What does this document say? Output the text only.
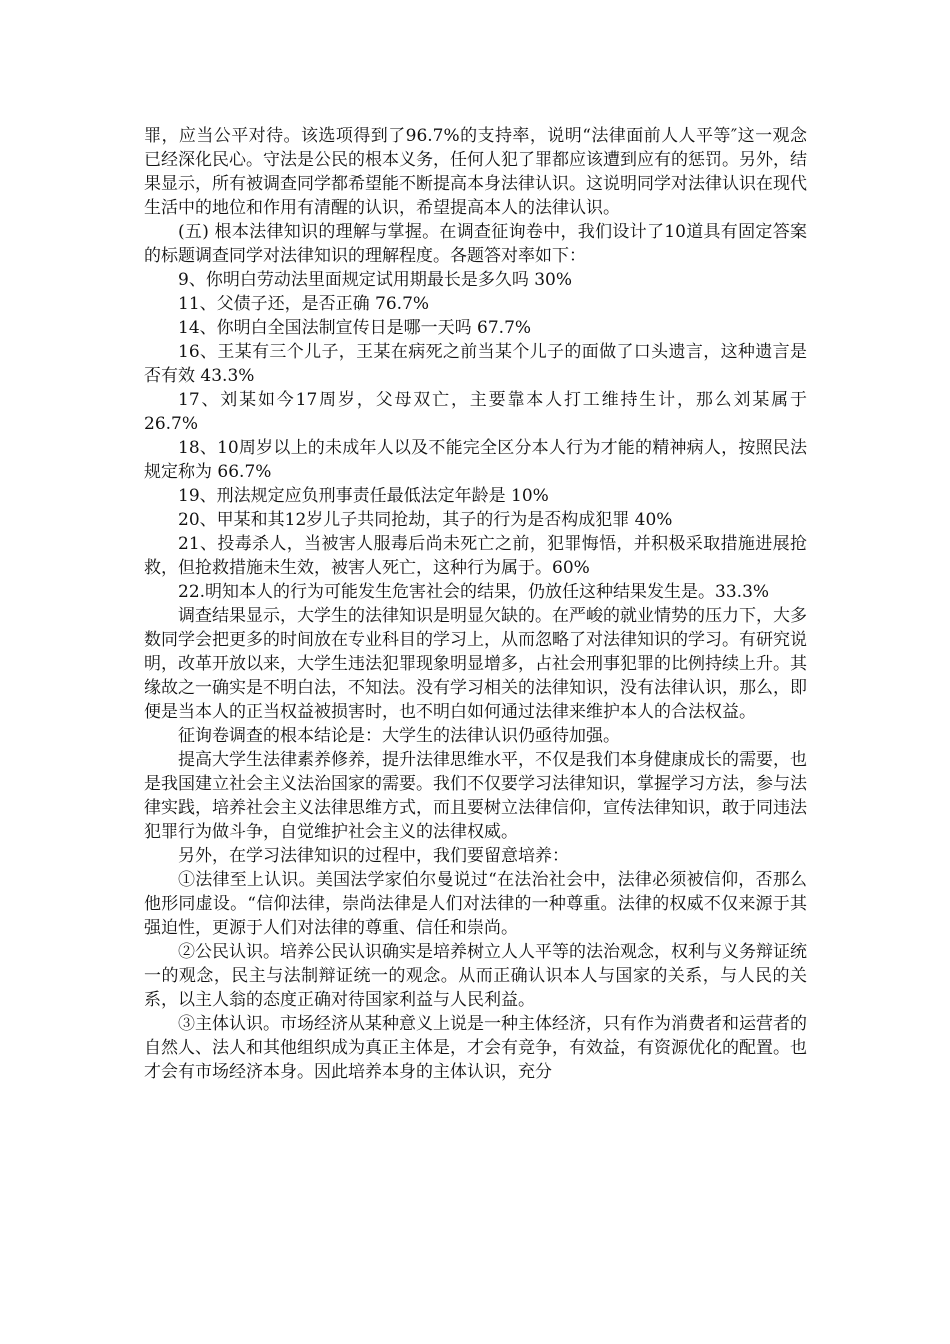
罪，应当公平对待。该选项得到了96.7%的支持率，说明“法律面前人人平等″这一观念已经深化民心。守法是公民的根本义务，任何人犯了罪都应该遭到应有的惩罚。另外，结果显示，所有被调查同学都希望能不断提高本身法律认识。这说明同学对法律认识在现代生活中的地位和作用有清醒的认识，希望提高本人的法律认识。

(五) 根本法律知识的理解与掌握。在调查征询卷中，我们设计了10道具有固定答案的标题调查同学对法律知识的理解程度。各题答对率如下：

9、你明白劳动法里面规定试用期最长是多久吗 30%

11、父债子还，是否正确 76.7%

14、你明白全国法制宣传日是哪一天吗 67.7%

16、王某有三个儿子，王某在病死之前当某个儿子的面做了口头遗言，这种遗言是否有效 43.3%

17、刘某如今17周岁，父母双亡，主要靠本人打工维持生计，那么刘某属于 26.7%

18、10周岁以上的未成年人以及不能完全区分本人行为才能的精神病人，按照民法规定称为 66.7%

19、刑法规定应负刑事责任最低法定年龄是 10%

20、甲某和其12岁儿子共同抢劫，其子的行为是否构成犯罪 40%

21、投毒杀人，当被害人服毒后尚未死亡之前，犯罪悔悟，并积极采取措施进展抢救，但抢救措施未生效，被害人死亡，这种行为属于。60%

22.明知本人的行为可能发生危害社会的结果，仍放任这种结果发生是。33.3%

调查结果显示，大学生的法律知识是明显欠缺的。在严峻的就业情势的压力下，大多数同学会把更多的时间放在专业科目的学习上，从而忽略了对法律知识的学习。有研究说明，改革开放以来，大学生违法犯罪现象明显增多，占社会刑事犯罪的比例持续上升。其缘故之一确实是不明白法，不知法。没有学习相关的法律知识，没有法律认识，那么，即便是当本人的正当权益被损害时，也不明白如何通过法律来维护本人的合法权益。

征询卷调查的根本结论是：大学生的法律认识仍亟待加强。

提高大学生法律素养修养，提升法律思维水平，不仅是我们本身健康成长的需要，也是我国建立社会主义法治国家的需要。我们不仅要学习法律知识，掌握学习方法，参与法律实践，培养社会主义法律思维方式，而且要树立法律信仰，宣传法律知识，敢于同违法犯罪行为做斗争，自觉维护社会主义的法律权威。

另外，在学习法律知识的过程中，我们要留意培养：

①法律至上认识。美国法学家伯尔曼说过“在法治社会中，法律必须被信仰，否那么他形同虚设。“信仰法律，崇尚法律是人们对法律的一种尊重。法律的权威不仅来源于其强迫性，更源于人们对法律的尊重、信任和崇尚。

②公民认识。培养公民认识确实是培养树立人人平等的法治观念，权利与义务辩证统一的观念，民主与法制辩证统一的观念。从而正确认识本人与国家的关系，与人民的关系，以主人翁的态度正确对待国家利益与人民利益。

③主体认识。市场经济从某种意义上说是一种主体经济，只有作为消费者和运营者的自然人、法人和其他组织成为真正主体是，才会有竞争，有效益，有资源优化的配置。也才会有市场经济本身。因此培养本身的主体认识，充分
